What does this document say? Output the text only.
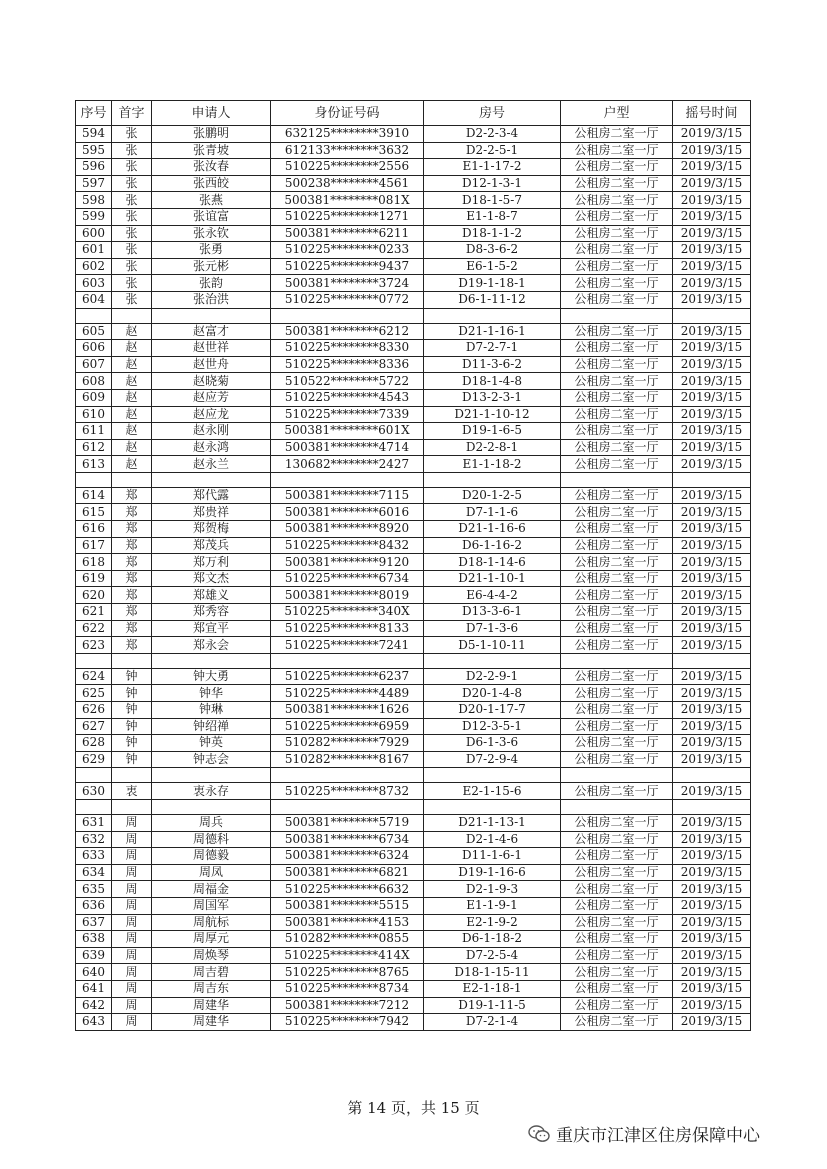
序号	首字	申请人	身份证号码	房号	户型	摇号时间
594	张	张鹏明	632125********3910	D2-2-3-4	公租房二室一厅	2019/3/15
595	张	张青坡	612133********3632	D2-2-5-1	公租房二室一厅	2019/3/15
596	张	张汝春	510225********2556	E1-1-17-2	公租房二室一厅	2019/3/15
597	张	张西皎	500238********4561	D12-1-3-1	公租房二室一厅	2019/3/15
598	张	张燕	500381********081X	D18-1-5-7	公租房二室一厅	2019/3/15
599	张	张谊富	510225********1271	E1-1-8-7	公租房二室一厅	2019/3/15
600	张	张永钦	500381********6211	D18-1-1-2	公租房二室一厅	2019/3/15
601	张	张勇	510225********0233	D8-3-6-2	公租房二室一厅	2019/3/15
602	张	张元彬	510225********9437	E6-1-5-2	公租房二室一厅	2019/3/15
603	张	张韵	500381********3724	D19-1-18-1	公租房二室一厅	2019/3/15
604	张	张治洪	510225********0772	D6-1-11-12	公租房二室一厅	2019/3/15

605	赵	赵富才	500381********6212	D21-1-16-1	公租房二室一厅	2019/3/15
606	赵	赵世祥	510225********8330	D7-2-7-1	公租房二室一厅	2019/3/15
607	赵	赵世舟	510225********8336	D11-3-6-2	公租房二室一厅	2019/3/15
608	赵	赵晓菊	510522********5722	D18-1-4-8	公租房二室一厅	2019/3/15
609	赵	赵应芳	510225********4543	D13-2-3-1	公租房二室一厅	2019/3/15
610	赵	赵应龙	510225********7339	D21-1-10-12	公租房二室一厅	2019/3/15
611	赵	赵永刚	500381********601X	D19-1-6-5	公租房二室一厅	2019/3/15
612	赵	赵永鸿	500381********4714	D2-2-8-1	公租房二室一厅	2019/3/15
613	赵	赵永兰	130682********2427	E1-1-18-2	公租房二室一厅	2019/3/15

614	郑	郑代露	500381********7115	D20-1-2-5	公租房二室一厅	2019/3/15
615	郑	郑贵祥	500381********6016	D7-1-1-6	公租房二室一厅	2019/3/15
616	郑	郑贺梅	500381********8920	D21-1-16-6	公租房二室一厅	2019/3/15
617	郑	郑茂兵	510225********8432	D6-1-16-2	公租房二室一厅	2019/3/15
618	郑	郑万利	500381********9120	D18-1-14-6	公租房二室一厅	2019/3/15
619	郑	郑文杰	510225********6734	D21-1-10-1	公租房二室一厅	2019/3/15
620	郑	郑雄义	500381********8019	E6-4-4-2	公租房二室一厅	2019/3/15
621	郑	郑秀容	510225********340X	D13-3-6-1	公租房二室一厅	2019/3/15
622	郑	郑宣平	510225********8133	D7-1-3-6	公租房二室一厅	2019/3/15
623	郑	郑永会	510225********7241	D5-1-10-11	公租房二室一厅	2019/3/15

624	钟	钟大勇	510225********6237	D2-2-9-1	公租房二室一厅	2019/3/15
625	钟	钟华	510225********4489	D20-1-4-8	公租房二室一厅	2019/3/15
626	钟	钟琳	500381********1626	D20-1-17-7	公租房二室一厅	2019/3/15
627	钟	钟绍禅	510225********6959	D12-3-5-1	公租房二室一厅	2019/3/15
628	钟	钟英	510282********7929	D6-1-3-6	公租房二室一厅	2019/3/15
629	钟	钟志会	510282********8167	D7-2-9-4	公租房二室一厅	2019/3/15

630	衷	衷永存	510225********8732	E2-1-15-6	公租房二室一厅	2019/3/15

631	周	周兵	500381********5719	D21-1-13-1	公租房二室一厅	2019/3/15
632	周	周德科	500381********6734	D2-1-4-6	公租房二室一厅	2019/3/15
633	周	周德毅	500381********6324	D11-1-6-1	公租房二室一厅	2019/3/15
634	周	周凤	500381********6821	D19-1-16-6	公租房二室一厅	2019/3/15
635	周	周福金	510225********6632	D2-1-9-3	公租房二室一厅	2019/3/15
636	周	周国军	500381********5515	E1-1-9-1	公租房二室一厅	2019/3/15
637	周	周航标	500381********4153	E2-1-9-2	公租房二室一厅	2019/3/15
638	周	周厚元	510282********0855	D6-1-18-2	公租房二室一厅	2019/3/15
639	周	周焕琴	510225********414X	D7-2-5-4	公租房二室一厅	2019/3/15
640	周	周吉碧	510225********8765	D18-1-15-11	公租房二室一厅	2019/3/15
641	周	周吉东	510225********8734	E2-1-18-1	公租房二室一厅	2019/3/15
642	周	周建华	500381********7212	D19-1-11-5	公租房二室一厅	2019/3/15
643	周	周建华	510225********7942	D7-2-1-4	公租房二室一厅	2019/3/15
第 14 页，共 15 页
重庆市江津区住房保障中心
